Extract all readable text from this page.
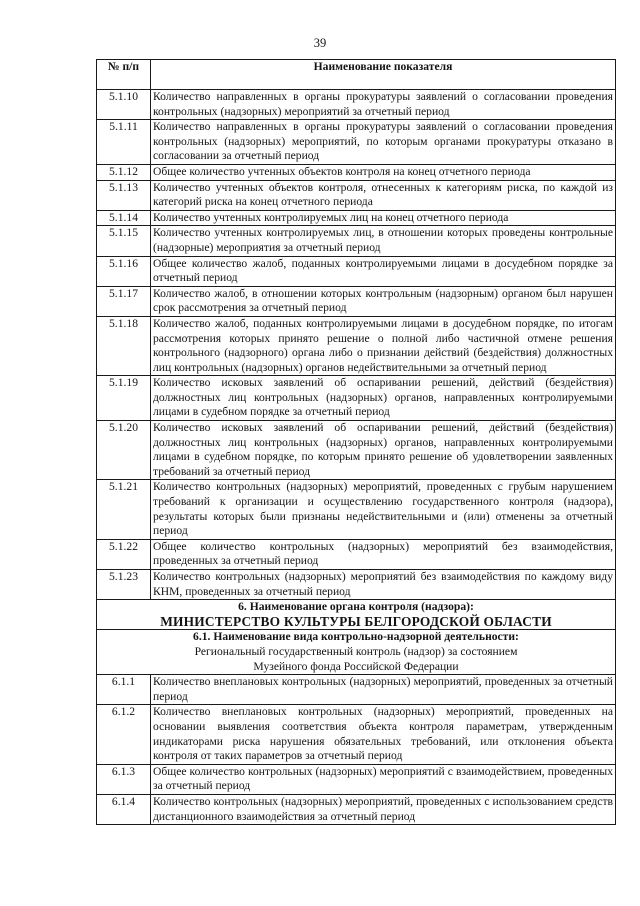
39
№ п/п	Наименование показателя
5.1.10	Количество направленных в органы прокуратуры заявлений о согласовании проведения контрольных (надзорных) мероприятий за отчетный период
5.1.11	Количество направленных в органы прокуратуры заявлений о согласовании проведения контрольных (надзорных) мероприятий, по которым органами прокуратуры отказано в согласовании за отчетный период
5.1.12	Общее количество учтенных объектов контроля на конец отчетного периода
5.1.13	Количество учтенных объектов контроля, отнесенных к категориям риска, по каждой из категорий риска на конец отчетного периода
5.1.14	Количество учтенных контролируемых лиц на конец отчетного периода
5.1.15	Количество учтенных контролируемых лиц, в отношении которых проведены контрольные (надзорные) мероприятия за отчетный период
5.1.16	Общее количество жалоб, поданных контролируемыми лицами в досудебном порядке за отчетный период
5.1.17	Количество жалоб, в отношении которых контрольным (надзорным) органом был нарушен срок рассмотрения за отчетный период
5.1.18	Количество жалоб, поданных контролируемыми лицами в досудебном порядке, по итогам рассмотрения которых принято решение о полной либо частичной отмене решения контрольного (надзорного) органа либо о признании действий (бездействия) должностных лиц контрольных (надзорных) органов недействительными за отчетный период
5.1.19	Количество исковых заявлений об оспаривании решений, действий (бездействия) должностных лиц контрольных (надзорных) органов, направленных контролируемыми лицами в судебном порядке за отчетный период
5.1.20	Количество исковых заявлений об оспаривании решений, действий (бездействия) должностных лиц контрольных (надзорных) органов, направленных контролируемыми лицами в судебном порядке, по которым принято решение об удовлетворении заявленных требований за отчетный период
5.1.21	Количество контрольных (надзорных) мероприятий, проведенных с грубым нарушением требований к организации и осуществлению государственного контроля (надзора), результаты которых были признаны недействительными и (или) отменены за отчетный период
5.1.22	Общее количество контрольных (надзорных) мероприятий без взаимодействия, проведенных за отчетный период
5.1.23	Количество контрольных (надзорных) мероприятий без взаимодействия по каждому виду КНМ, проведенных за отчетный период

6. Наименование органа контроля (надзора):
МИНИСТЕРСТВО КУЛЬТУРЫ БЕЛГОРОДСКОЙ ОБЛАСТИ	

6.1. Наименование вида контрольно-надзорной деятельности:
Региональный государственный контроль (надзор) за состоянием
Музейного фонда Российской Федерации	

6.1.1	Количество внеплановых контрольных (надзорных) мероприятий, проведенных за отчетный период
6.1.2	Количество внеплановых контрольных (надзорных) мероприятий, проведенных на основании выявления соответствия объекта контроля параметрам, утвержденным индикаторами риска нарушения обязательных требований, или отклонения объекта контроля от таких параметров за отчетный период
6.1.3	Общее количество контрольных (надзорных) мероприятий с взаимодействием, проведенных за отчетный период
6.1.4	Количество контрольных (надзорных) мероприятий, проведенных с использованием средств дистанционного взаимодействия за отчетный период
